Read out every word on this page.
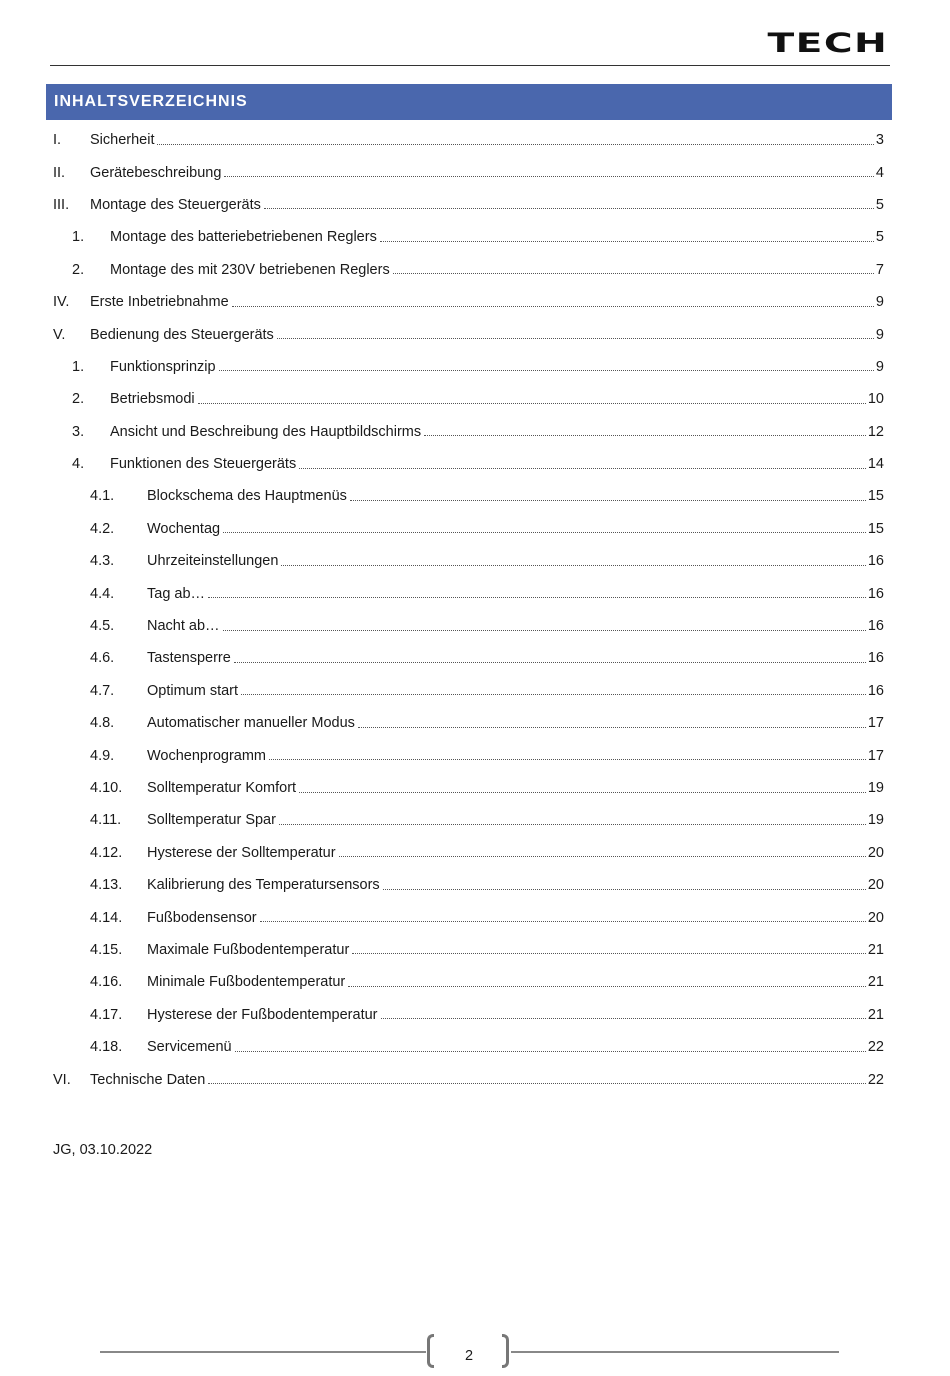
TECH
INHALTSVERZEICHNIS
I.	Sicherheit	3
II.	Gerätebeschreibung	4
III.	Montage des Steuergeräts	5
1.	Montage des batteriebetriebenen Reglers	5
2.	Montage des mit 230V betriebenen Reglers	7
IV.	Erste Inbetriebnahme	9
V.	Bedienung des Steuergeräts	9
1.	Funktionsprinzip	9
2.	Betriebsmodi	10
3.	Ansicht und Beschreibung des Hauptbildschirms	12
4.	Funktionen des Steuergeräts	14
4.1.	Blockschema des Hauptmenüs	15
4.2.	Wochentag	15
4.3.	Uhrzeiteinstellungen	16
4.4.	Tag ab…	16
4.5.	Nacht ab…	16
4.6.	Tastensperre	16
4.7.	Optimum start	16
4.8.	Automatischer manueller Modus	17
4.9.	Wochenprogramm	17
4.10.	Solltemperatur Komfort	19
4.11.	Solltemperatur Spar	19
4.12.	Hysterese der Solltemperatur	20
4.13.	Kalibrierung des Temperatursensors	20
4.14.	Fußbodensensor	20
4.15.	Maximale Fußbodentemperatur	21
4.16.	Minimale Fußbodentemperatur	21
4.17.	Hysterese der Fußbodentemperatur	21
4.18.	Servicemenü	22
VI.	Technische Daten	22
JG, 03.10.2022
2
